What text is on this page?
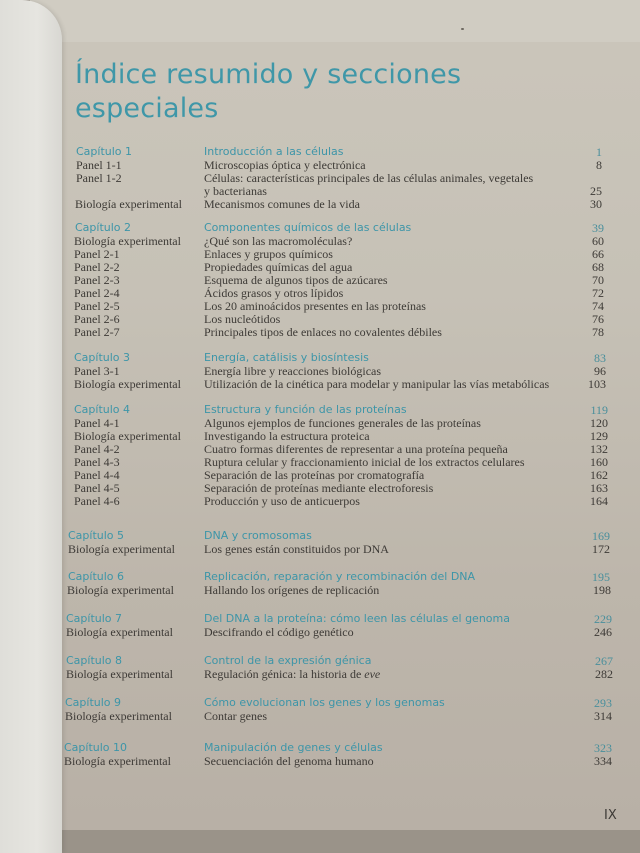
Índice resumido y secciones
especiales
Capítulo 1	Introducción a las células	1
Panel 1-1	Microscopias óptica y electrónica	8
Panel 1-2	Células: características principales de las células animales, vegetales
y bacterianas	25
Biología experimental Mecanismos comunes de la vida	30
Capítulo 2	Componentes químicos de las células	39
Biología experimental ¿Qué son las macromoléculas?	60
Panel 2-1	Enlaces y grupos químicos	66
Panel 2-2	Propiedades químicas del agua	68
Panel 2-3	Esquema de algunos tipos de azúcares	70
Panel 2-4	Ácidos grasos y otros lípidos	72
Panel 2-5	Los 20 aminoácidos presentes en las proteínas	74
Panel 2-6	Los nucleótidos	76
Panel 2-7	Principales tipos de enlaces no covalentes débiles	78
Capítulo 3	Energía, catálisis y biosíntesis	83
Panel 3-1	Energía libre y reacciones biológicas	96
Biología experimental Utilización de la cinética para modelar y manipular las vías metabólicas	103
Capítulo 4	Estructura y función de las proteínas	119
Panel 4-1	Algunos ejemplos de funciones generales de las proteínas	120
Biología experimental Investigando la estructura proteica	129
Panel 4-2	Cuatro formas diferentes de representar a una proteína pequeña	132
Panel 4-3	Ruptura celular y fraccionamiento inicial de los extractos celulares	160
Panel 4-4	Separación de las proteínas por cromatografía	162
Panel 4-5	Separación de proteínas mediante electroforesis	163
Panel 4-6	Producción y uso de anticuerpos	164
Capítulo 5	DNA y cromosomas	169
Biología experimental Los genes están constituidos por DNA	172
Capítulo 6	Replicación, reparación y recombinación del DNA	195
Biología experimental	Hallando los orígenes de replicación	198
Capítulo 7	Del DNA a la proteína: cómo leen las células el genoma	229
Biología experimental	Descifrando el código genético	246
Capítulo 8	Control de la expresión génica	267
Biología experimental	Regulación génica: la historia de eve	282
Capítulo 9	Cómo evolucionan los genes y los genomas	293
Biología experimental	Contar genes	314
Capítulo 10	Manipulación de genes y células	323
Biología experimental	Secuenciación del genoma humano	334
IX
